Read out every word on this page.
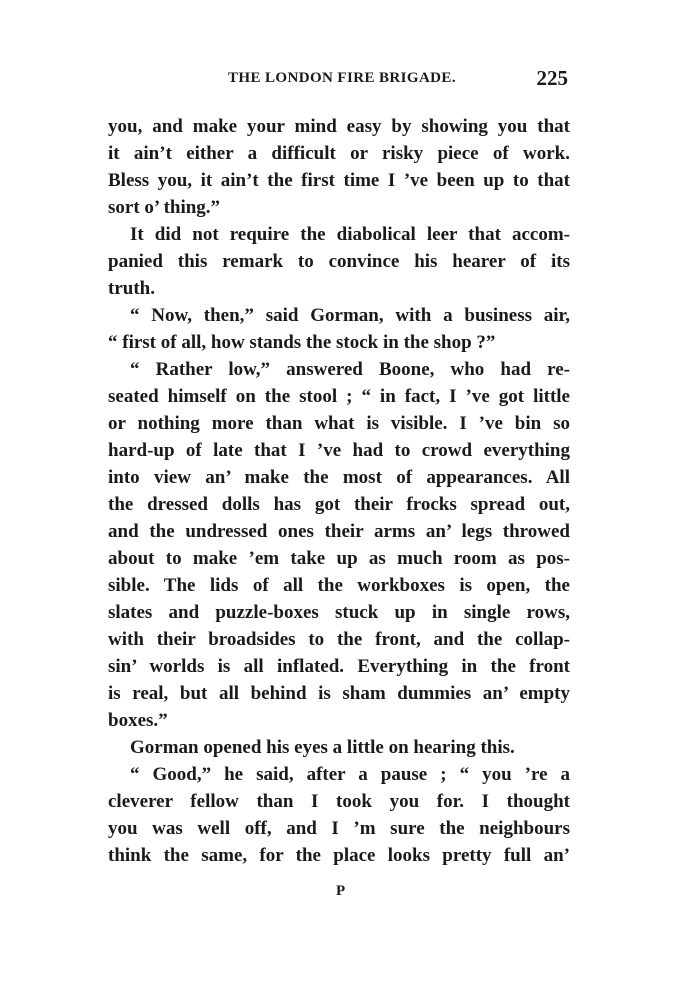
THE LONDON FIRE BRIGADE.	225

you, and make your mind easy by showing you that
it ain’t either a difficult or risky piece of work.
Bless you, it ain’t the first time I ’ve been up to that
sort o’ thing.”

It did not require the diabolical leer that accom-
panied this remark to convince his hearer of its
truth.

“ Now, then,” said Gorman, with a business air,
“ first of all, how stands the stock in the shop ?”

“ Rather low,” answered Boone, who had re-
seated himself on the stool ; “ in fact, I ’ve got little
or nothing more than what is visible. I ’ve bin so
hard-up of late that I ’ve had to crowd everything
into view an’ make the most of appearances. All
the dressed dolls has got their frocks spread out,
and the undressed ones their arms an’ legs throwed
about to make ’em take up as much room as pos-
sible. The lids of all the workboxes is open, the
slates and puzzle-boxes stuck up in single rows,
with their broadsides to the front, and the collap-
sin’ worlds is all inflated. Everything in the front
is real, but all behind is sham dummies an’ empty
boxes.”

Gorman opened his eyes a little on hearing this.

“ Good,” he said, after a pause ; “ you ’re a
cleverer fellow than I took you for. I thought
you was well off, and I ’m sure the neighbours
think the same, for the place looks pretty full an’

P
